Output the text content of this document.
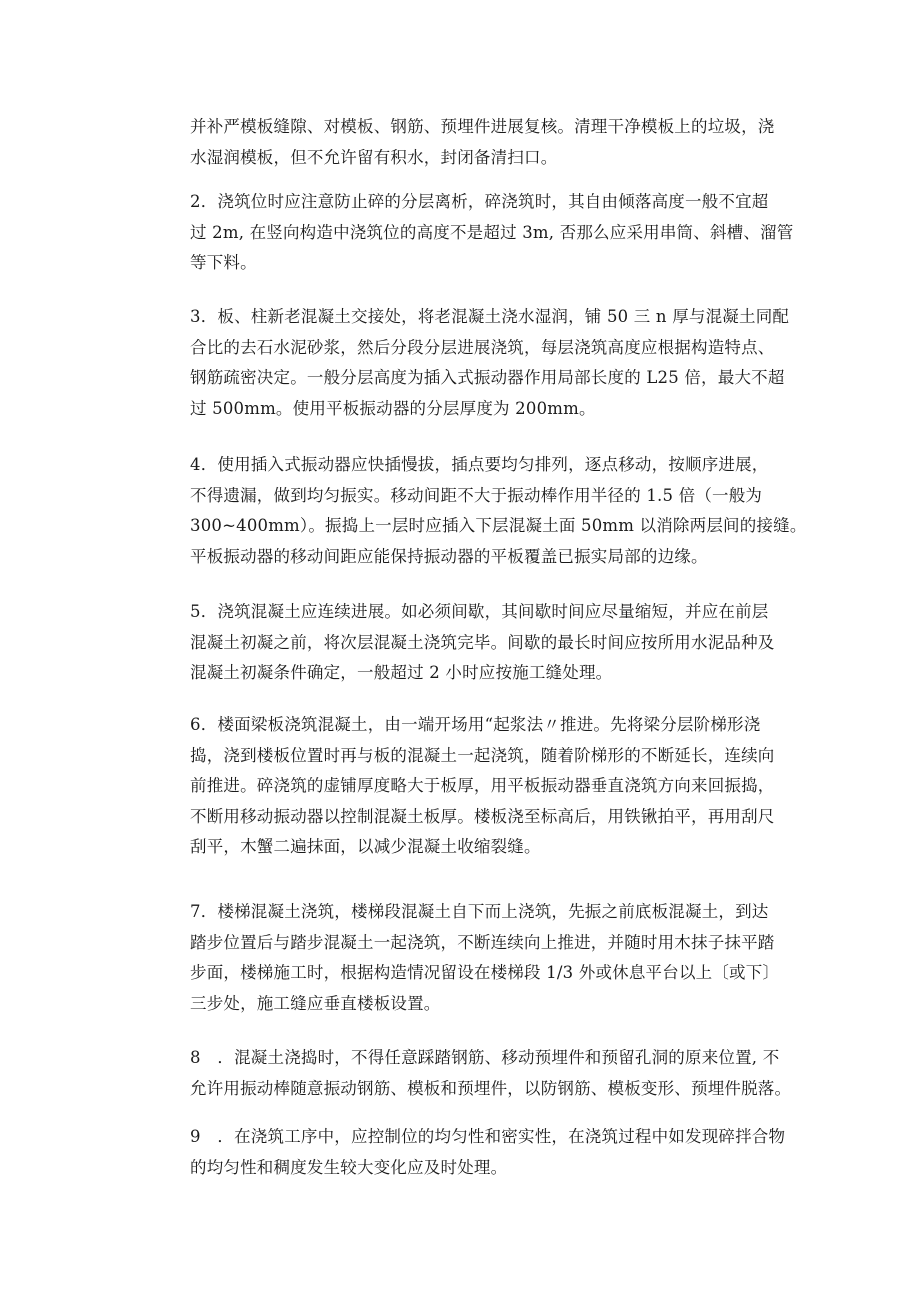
并补严模板缝隙、对模板、钢筋、预埋件进展复核。清理干净模板上的垃圾，浇
水湿润模板，但不允许留有积水，封闭备清扫口。
2．浇筑位时应注意防止碎的分层离析，碎浇筑时，其自由倾落高度一般不宜超
过 2m, 在竖向构造中浇筑位的高度不是超过 3m, 否那么应采用串筒、斜槽、溜管
等下料。
3．板、柱新老混凝土交接处，将老混凝土浇水湿润，铺 50 三 n 厚与混凝土同配
合比的去石水泥砂浆，然后分段分层进展浇筑，每层浇筑高度应根据构造特点、
钢筋疏密决定。一般分层高度为插入式振动器作用局部长度的 L25 倍，最大不超
过 500mm。使用平板振动器的分层厚度为 200mm。
4．使用插入式振动器应快插慢拔，插点要均匀排列，逐点移动，按顺序进展，
不得遗漏，做到均匀振实。移动间距不大于振动棒作用半径的 1.5 倍（一般为
300~400mm）。振捣上一层时应插入下层混凝土面 50mm 以消除两层间的接缝。
平板振动器的移动间距应能保持振动器的平板覆盖已振实局部的边缘。
5．浇筑混凝土应连续进展。如必须间歇，其间歇时间应尽量缩短，并应在前层
混凝土初凝之前，将次层混凝土浇筑完毕。间歇的最长时间应按所用水泥品种及
混凝土初凝条件确定，一般超过 2 小时应按施工缝处理。
6．楼面梁板浇筑混凝土，由一端开场用“起浆法〃推进。先将梁分层阶梯形浇
捣，浇到楼板位置时再与板的混凝土一起浇筑，随着阶梯形的不断延长，连续向
前推进。碎浇筑的虚铺厚度略大于板厚，用平板振动器垂直浇筑方向来回振捣，
不断用移动振动器以控制混凝土板厚。楼板浇至标高后，用铁锹拍平，再用刮尺
刮平，木蟹二遍抹面，以减少混凝土收缩裂缝。
7．楼梯混凝土浇筑，楼梯段混凝土自下而上浇筑，先振之前底板混凝土，到达
踏步位置后与踏步混凝土一起浇筑，不断连续向上推进，并随时用木抹子抹平踏
步面，楼梯施工时，根据构造情况留设在楼梯段 1/3 外或休息平台以上〔或下〕
三步处，施工缝应垂直楼板设置。
8　．混凝土浇捣时，不得任意踩踏钢筋、移动预埋件和预留孔洞的原来位置, 不
允许用振动棒随意振动钢筋、模板和预埋件，以防钢筋、模板变形、预埋件脱落。
9　．在浇筑工序中，应控制位的均匀性和密实性，在浇筑过程中如发现碎拌合物
的均匀性和稠度发生较大变化应及时处理。
